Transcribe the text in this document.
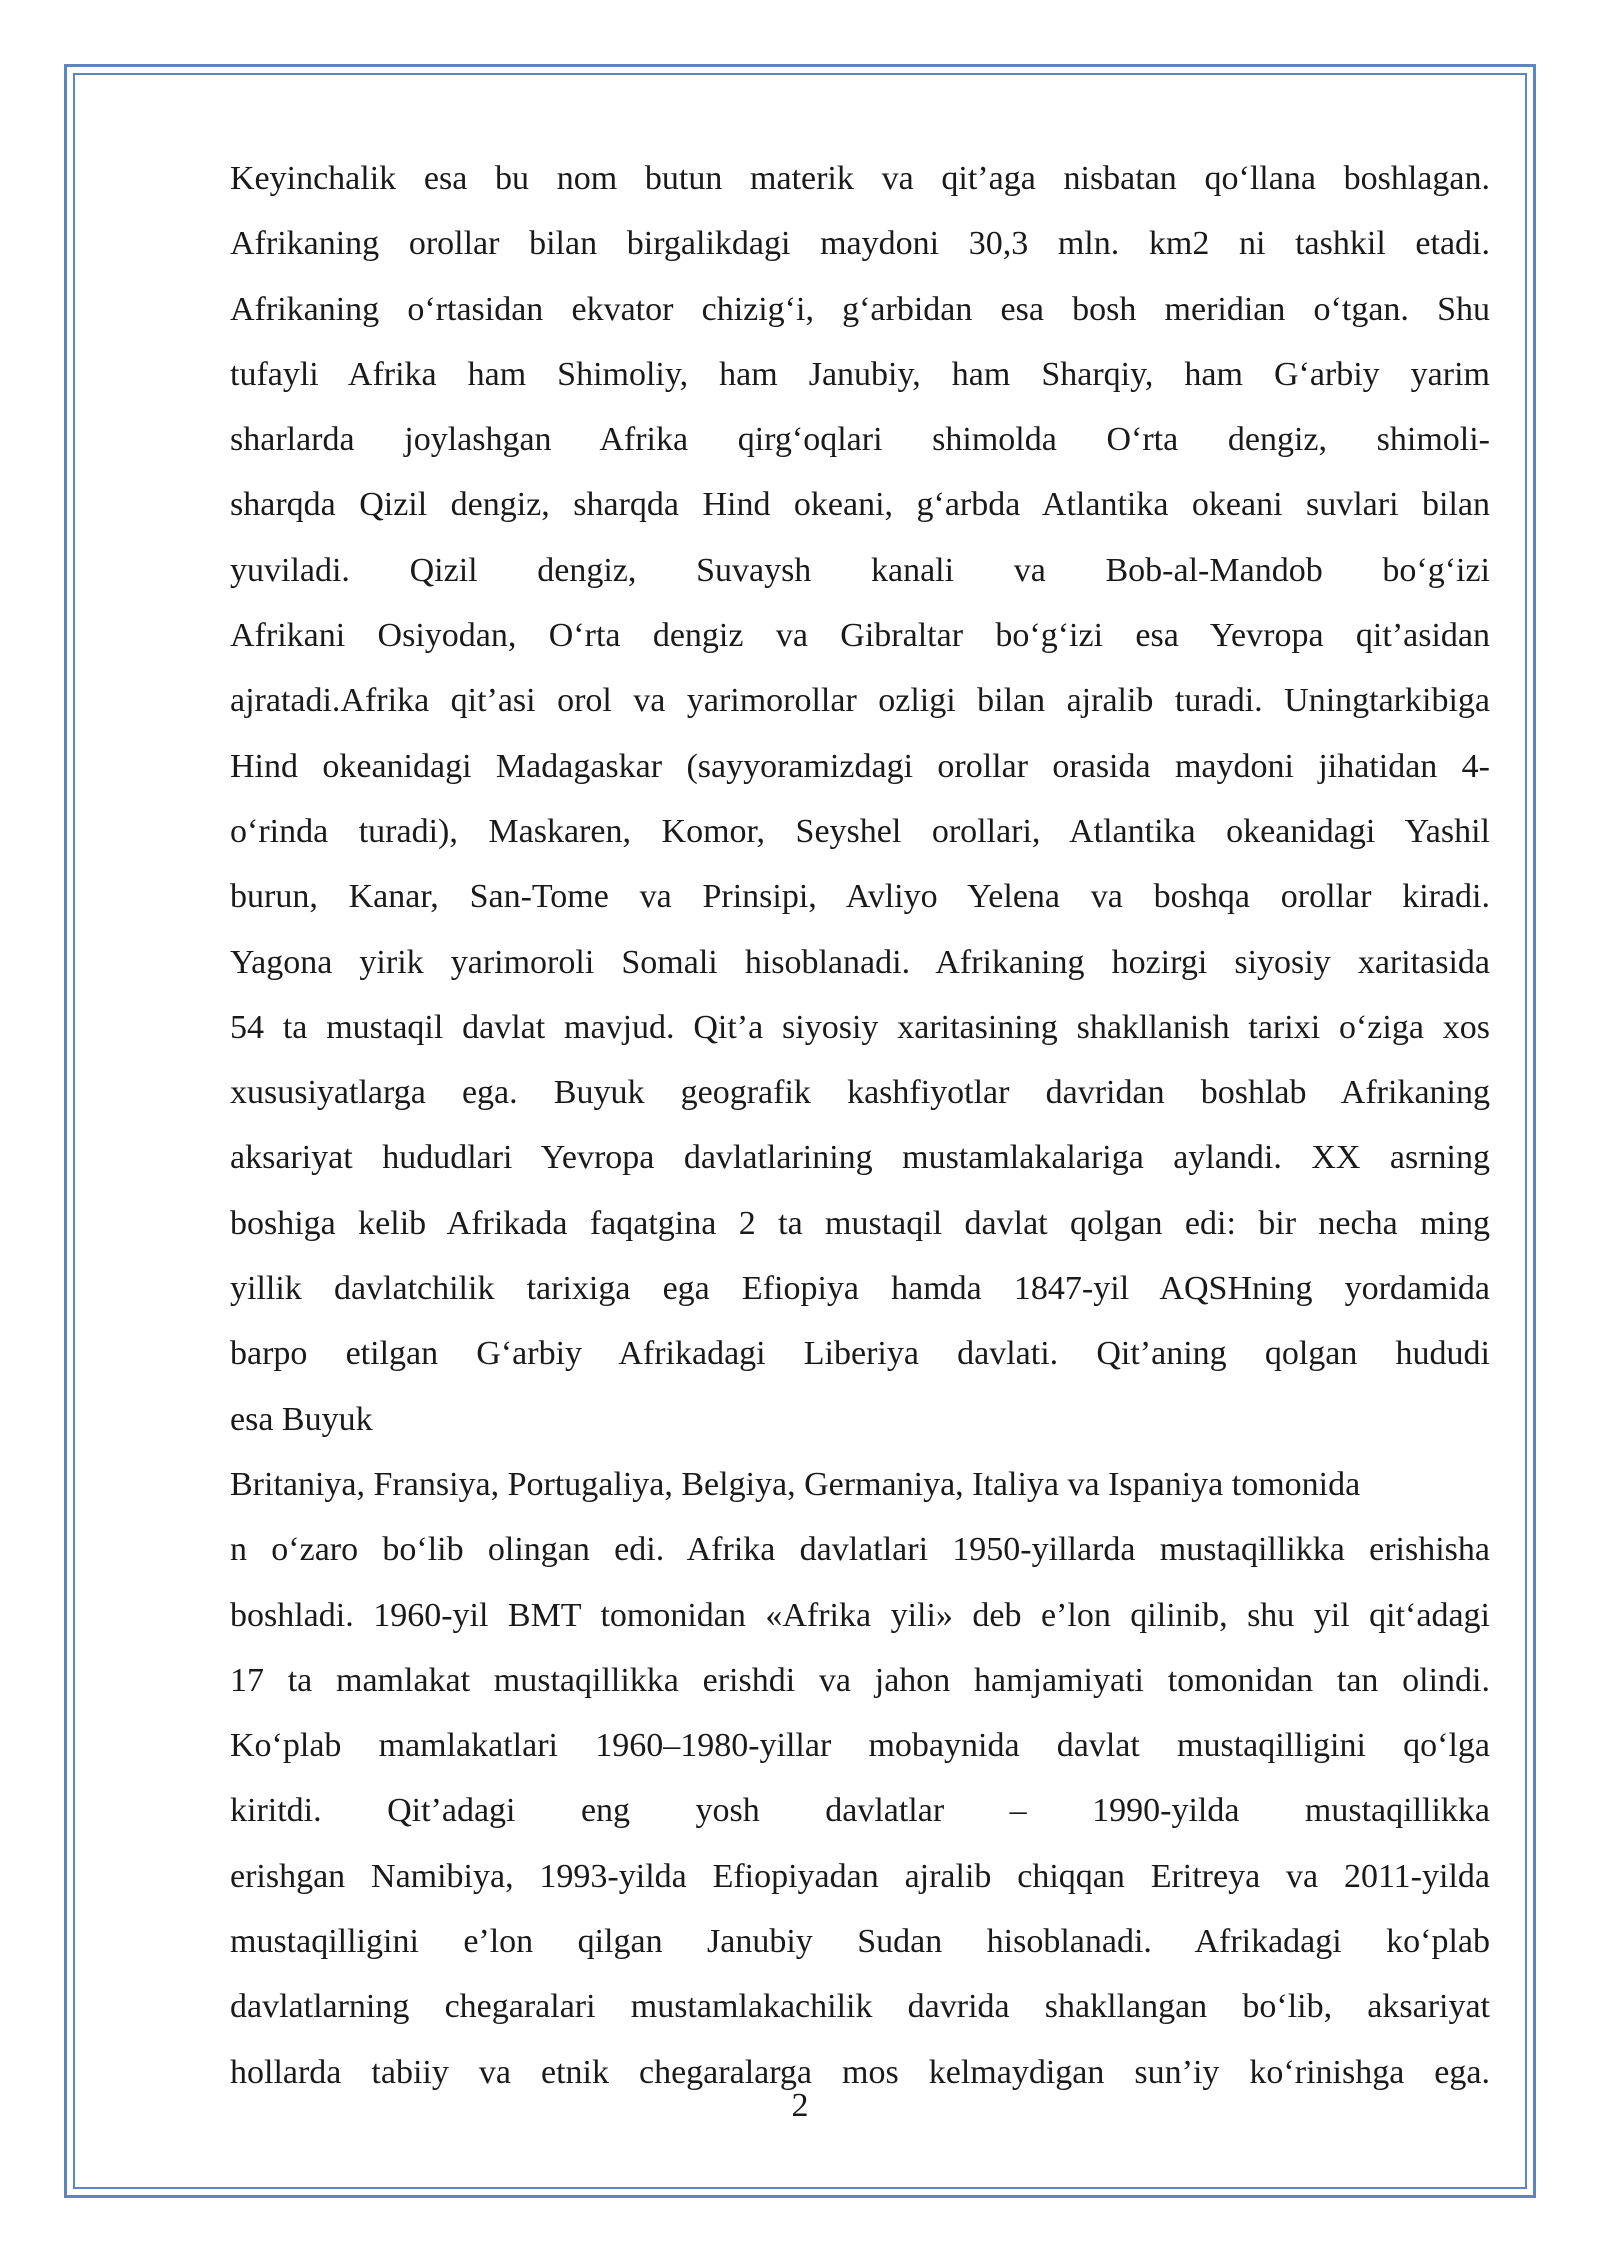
Keyinchalik esa bu nom butun materik va qit’aga nisbatan qo‘llana boshlagan.
Afrikaning orollar bilan birgalikdagi maydoni 30,3 mln. km2 ni tashkil etadi.
Afrikaning o‘rtasidan ekvator chizig‘i, g‘arbidan esa bosh meridian o‘tgan. Shu
tufayli Afrika ham Shimoliy, ham Janubiy, ham Sharqiy, ham G‘arbiy yarim
sharlarda joylashgan Afrika qirg‘oqlari shimolda O‘rta dengiz, shimoli-
sharqda Qizil dengiz, sharqda Hind okeani, g‘arbda Atlantika okeani suvlari bilan
yuviladi. Qizil dengiz, Suvaysh kanali va Bob-al-Mandob bo‘g‘izi
Afrikani Osiyodan, O‘rta dengiz va Gibraltar bo‘g‘izi esa Yevropa qit’asidan
ajratadi.Afrika qit’asi orol va yarimorollar ozligi bilan ajralib turadi. Uningtarkibiga
Hind okeanidagi Madagaskar (sayyoramizdagi orollar orasida maydoni jihatidan 4-
o‘rinda turadi), Maskaren, Komor, Seyshel orollari, Atlantika okeanidagi Yashil
burun, Kanar, San-Tome va Prinsipi, Avliyo Yelena va boshqa orollar kiradi.
Yagona yirik yarimoroli Somali hisoblanadi. Afrikaning hozirgi siyosiy xaritasida
54 ta mustaqil davlat mavjud. Qit’a siyosiy xaritasining shakllanish tarixi o‘ziga xos
xususiyatlarga ega. Buyuk geografik kashfiyotlar davridan boshlab Afrikaning
aksariyat hududlari Yevropa davlatlarining mustamlakalariga aylandi. XX asrning
boshiga kelib Afrikada faqatgina 2 ta mustaqil davlat qolgan edi: bir necha ming
yillik davlatchilik tarixiga ega Efiopiya hamda 1847-yil AQSHning yordamida
barpo etilgan G‘arbiy Afrikadagi Liberiya davlati. Qit’aning qolgan hududi
esa Buyuk
Britaniya, Fransiya, Portugaliya, Belgiya, Germaniya, Italiya va Ispaniya tomonida
n o‘zaro bo‘lib olingan edi. Afrika davlatlari 1950-yillarda mustaqillikka erishisha
boshladi. 1960-yil BMT tomonidan «Afrika yili» deb e’lon qilinib, shu yil qit‘adagi
17 ta mamlakat mustaqillikka erishdi va jahon hamjamiyati tomonidan tan olindi.
Ko‘plab mamlakatlari 1960–1980-yillar mobaynida davlat mustaqilligini qo‘lga
kiritdi. Qit’adagi eng yosh davlatlar – 1990-yilda mustaqillikka
erishgan Namibiya, 1993-yilda Efiopiyadan ajralib chiqqan Eritreya va 2011-yilda
mustaqilligini e’lon qilgan Janubiy Sudan hisoblanadi. Afrikadagi ko‘plab
davlatlarning chegaralari mustamlakachilik davrida shakllangan bo‘lib, aksariyat
hollarda tabiiy va etnik chegaralarga mos kelmaydigan sun’iy ko‘rinishga ega.
2
